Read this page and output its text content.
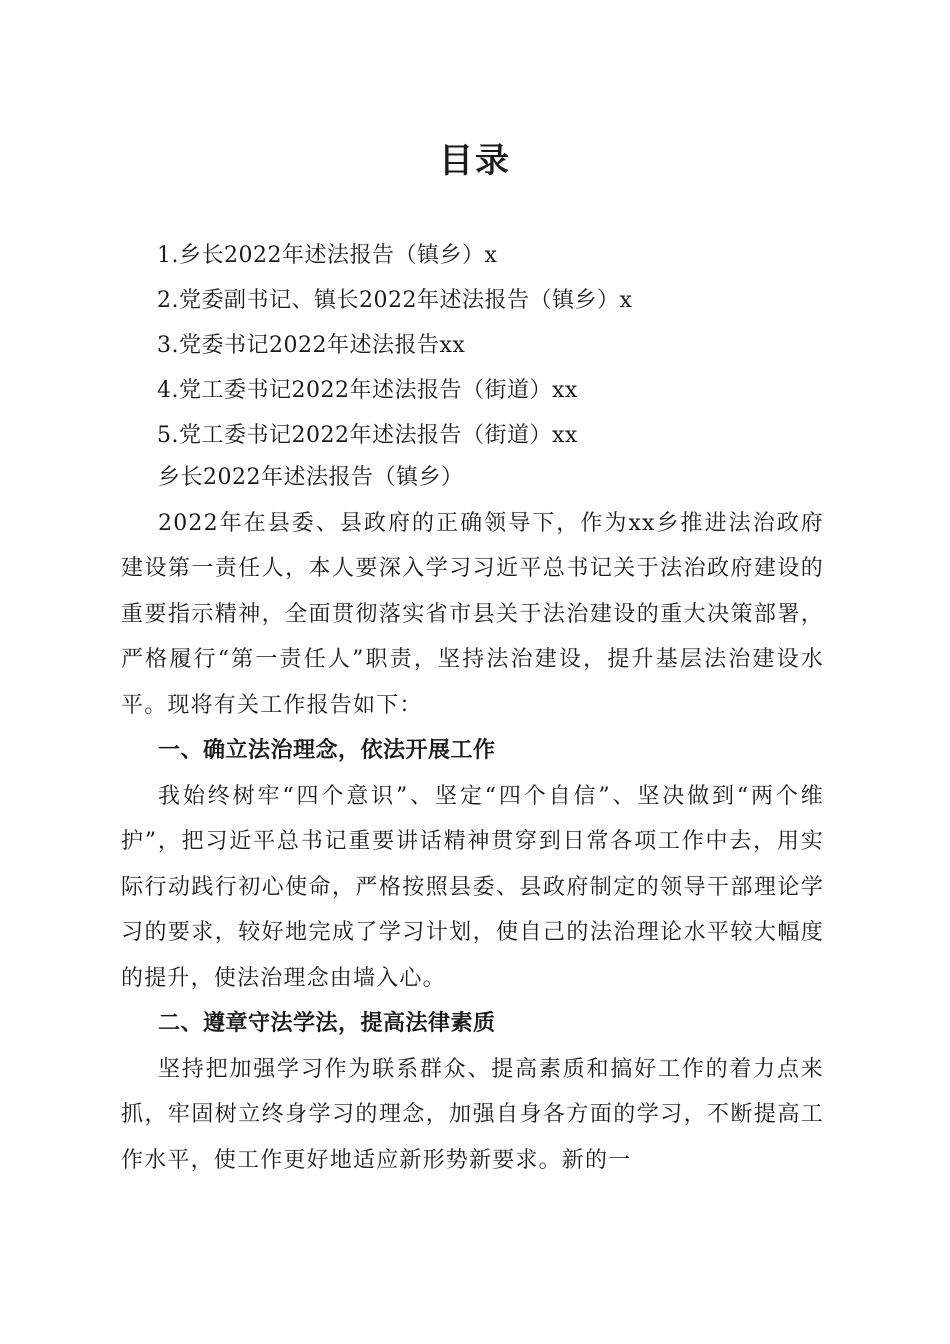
目录
1.乡长2022年述法报告（镇乡）x
2.党委副书记、镇长2022年述法报告（镇乡）x
3.党委书记2022年述法报告xx
4.党工委书记2022年述法报告（街道）xx
5.党工委书记2022年述法报告（街道）xx

乡长2022年述法报告（镇乡）

2022年在县委、县政府的正确领导下，作为xx乡推进法治政府建设第一责任人，本人要深入学习习近平总书记关于法治政府建设的重要指示精神，全面贯彻落实省市县关于法治建设的重大决策部署，严格履行“第一责任人”职责，坚持法治建设，提升基层法治建设水平。现将有关工作报告如下：

一、确立法治理念，依法开展工作

我始终树牢“四个意识”、坚定“四个自信”、坚决做到“两个维护”，把习近平总书记重要讲话精神贯穿到日常各项工作中去，用实际行动践行初心使命，严格按照县委、县政府制定的领导干部理论学习的要求，较好地完成了学习计划，使自己的法治理论水平较大幅度的提升，使法治理念由墙入心。

二、遵章守法学法，提高法律素质

坚持把加强学习作为联系群众、提高素质和搞好工作的着力点来抓，牢固树立终身学习的理念，加强自身各方面的学习，不断提高工作水平，使工作更好地适应新形势新要求。新的一
